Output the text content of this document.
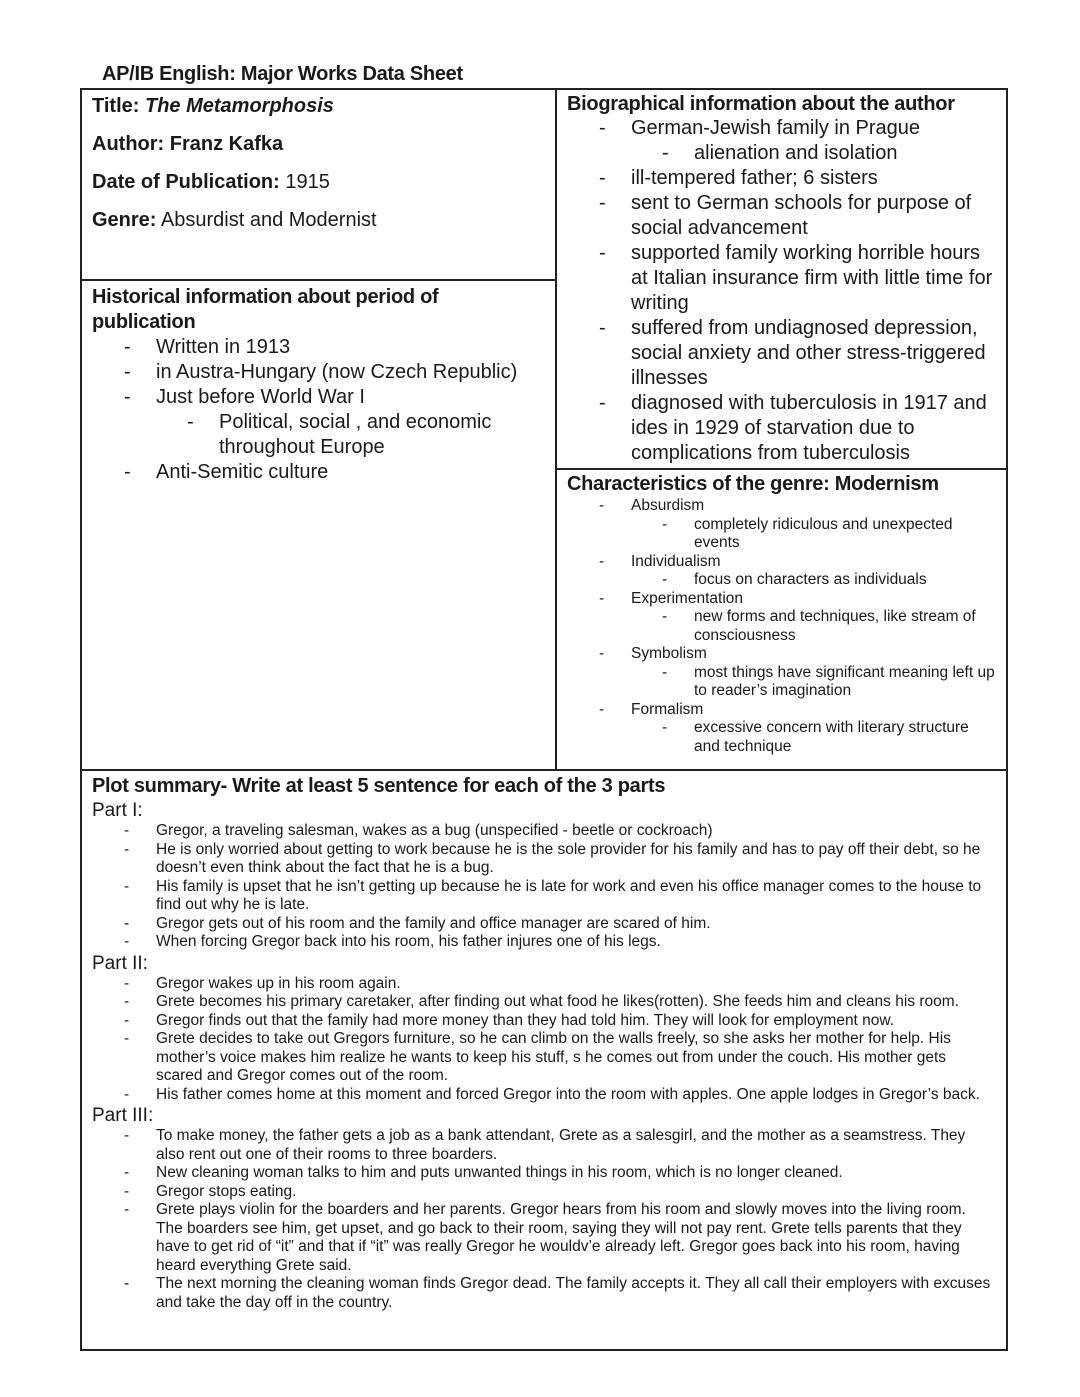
AP/IB English: Major Works Data Sheet
Title: The Metamorphosis
Author: Franz Kafka
Date of Publication: 1915
Genre: Absurdist and Modernist
Historical information about period of publication
- Written in 1913
- in Austra-Hungary (now Czech Republic)
- Just before World War I
- Political, social , and economic throughout Europe
- Anti-Semitic culture
Biographical information about the author
- German-Jewish family in Prague
- alienation and isolation
- ill-tempered father; 6 sisters
- sent to German schools for purpose of social advancement
- supported family working horrible hours at Italian insurance firm with little time for writing
- suffered from undiagnosed depression, social anxiety and other stress-triggered illnesses
- diagnosed with tuberculosis in 1917 and ides in 1929 of starvation due to complications from tuberculosis
Characteristics of the genre: Modernism
- Absurdism
- completely ridiculous and unexpected events
- Individualism
- focus on characters as individuals
- Experimentation
- new forms and techniques, like stream of consciousness
- Symbolism
- most things have significant meaning left up to reader’s imagination
- Formalism
- excessive concern with literary structure and technique
Plot summary- Write at least 5 sentence for each of the 3 parts
Part I:
- Gregor, a traveling salesman, wakes as a bug (unspecified - beetle or cockroach)
- He is only worried about getting to work because he is the sole provider for his family and has to pay off their debt, so he doesn’t even think about the fact that he is a bug.
- His family is upset that he isn’t getting up because he is late for work and even his office manager comes to the house to find out why he is late.
- Gregor gets out of his room and the family and office manager are scared of him.
- When forcing Gregor back into his room, his father injures one of his legs.
Part II:
- Gregor wakes up in his room again.
- Grete becomes his primary caretaker, after finding out what food he likes(rotten). She feeds him and cleans his room.
- Gregor finds out that the family had more money than they had told him. They will look for employment now.
- Grete decides to take out Gregors furniture, so he can climb on the walls freely, so she asks her mother for help. His mother’s voice makes him realize he wants to keep his stuff, s he comes out from under the couch. His mother gets scared and Gregor comes out of the room.
- His father comes home at this moment and forced Gregor into the room with apples. One apple lodges in Gregor’s back.
Part III:
- To make money, the father gets a job as a bank attendant, Grete as a salesgirl, and the mother as a seamstress. They also rent out one of their rooms to three boarders.
- New cleaning woman talks to him and puts unwanted things in his room, which is no longer cleaned.
- Gregor stops eating.
- Grete plays violin for the boarders and her parents. Gregor hears from his room and slowly moves into the living room. The boarders see him, get upset, and go back to their room, saying they will not pay rent. Grete tells parents that they have to get rid of “it” and that if “it” was really Gregor he wouldv’e already left. Gregor goes back into his room, having heard everything Grete said.
- The next morning the cleaning woman finds Gregor dead. The family accepts it. They all call their employers with excuses and take the day off in the country.
